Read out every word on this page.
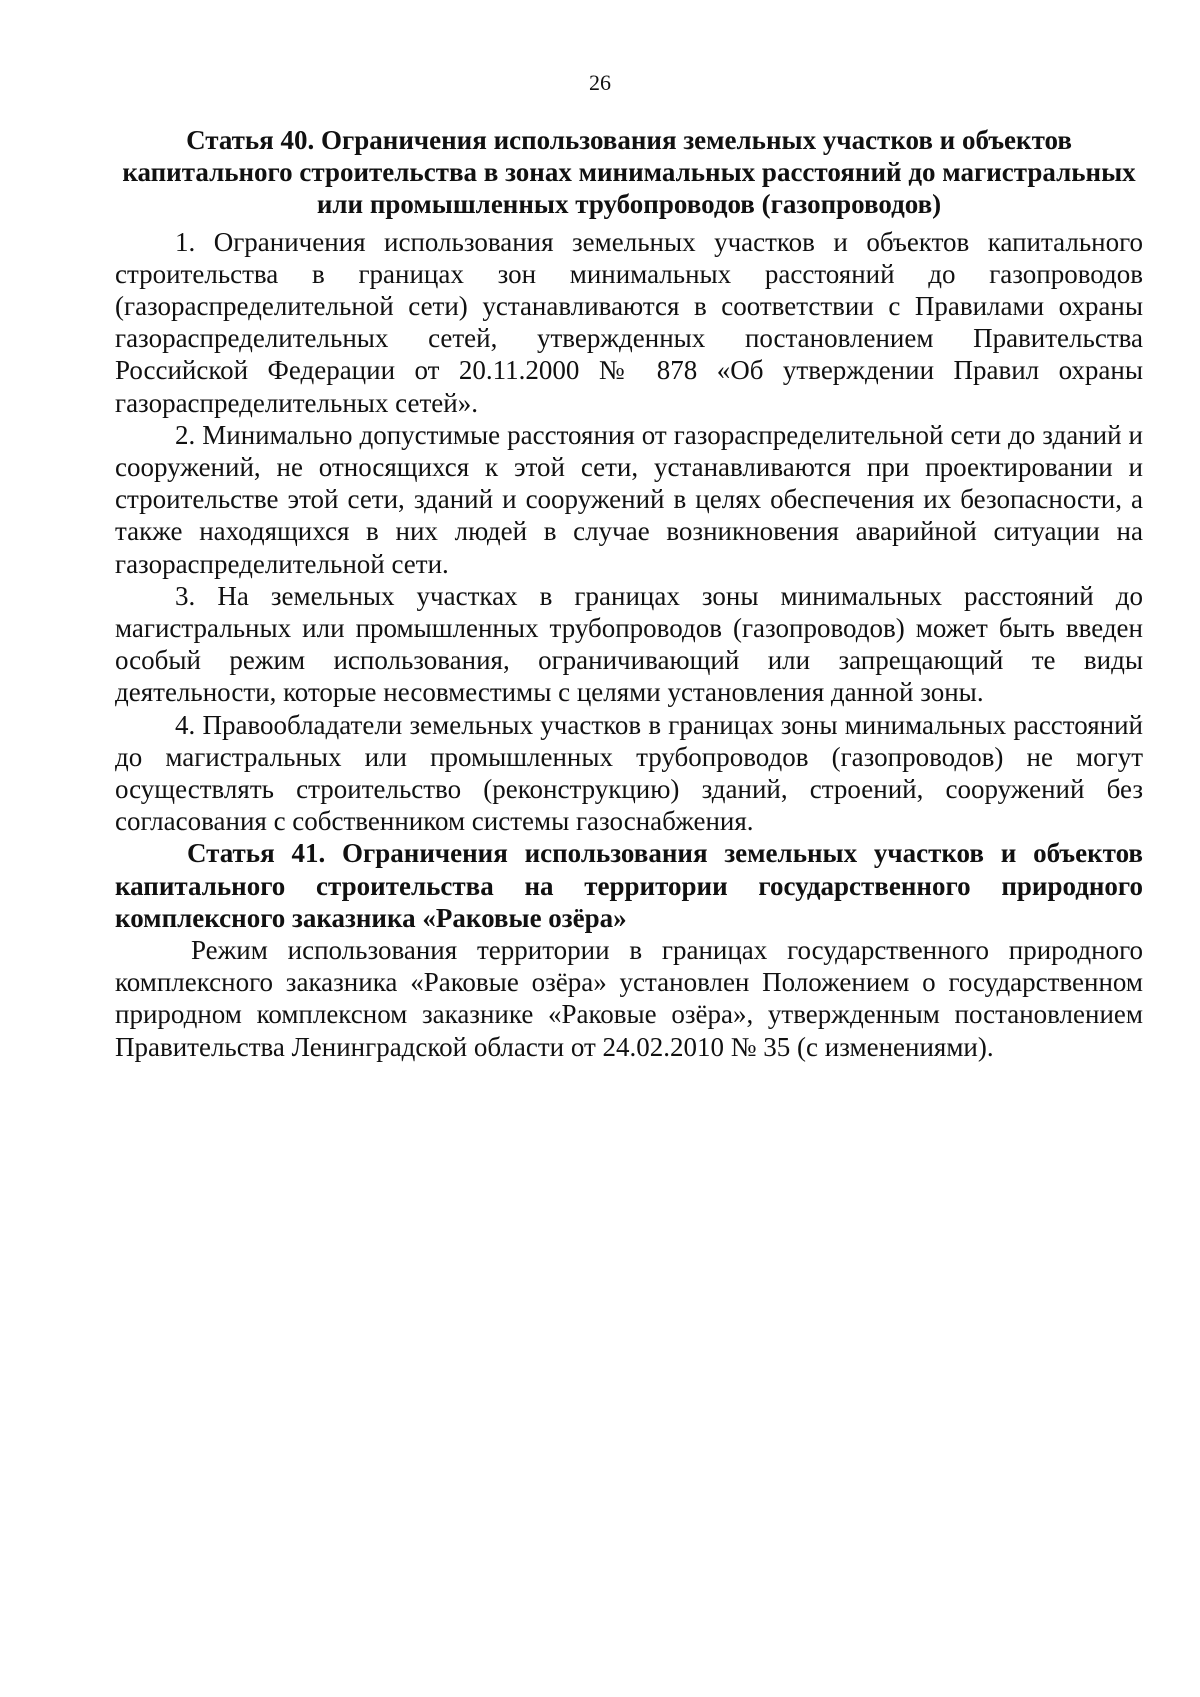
26

Статья 40. Ограничения использования земельных участков и объектов капитального строительства в зонах минимальных расстояний до магистральных или промышленных трубопроводов (газопроводов)

1. Ограничения использования земельных участков и объектов капитального строительства в границах зон минимальных расстояний до газопроводов (газораспределительной сети) устанавливаются в соответствии с Правилами охраны газораспределительных сетей, утвержденных постановлением Правительства Российской Федерации от 20.11.2000 № 878 «Об утверждении Правил охраны газораспределительных сетей».

2. Минимально допустимые расстояния от газораспределительной сети до зданий и сооружений, не относящихся к этой сети, устанавливаются при проектировании и строительстве этой сети, зданий и сооружений в целях обеспечения их безопасности, а также находящихся в них людей в случае возникновения аварийной ситуации на газораспределительной сети.

3. На земельных участках в границах зоны минимальных расстояний до магистральных или промышленных трубопроводов (газопроводов) может быть введен особый режим использования, ограничивающий или запрещающий те виды деятельности, которые несовместимы с целями установления данной зоны.

4. Правообладатели земельных участков в границах зоны минимальных расстояний до магистральных или промышленных трубопроводов (газопроводов) не могут осуществлять строительство (реконструкцию) зданий, строений, сооружений без согласования с собственником системы газоснабжения.

Статья 41. Ограничения использования земельных участков и объектов капитального строительства на территории государственного природного комплексного заказника «Раковые озёра»

Режим использования территории в границах государственного природного комплексного заказника «Раковые озёра» установлен Положением о государственном природном комплексном заказнике «Раковые озёра», утвержденным постановлением Правительства Ленинградской области от 24.02.2010 № 35 (с изменениями).
